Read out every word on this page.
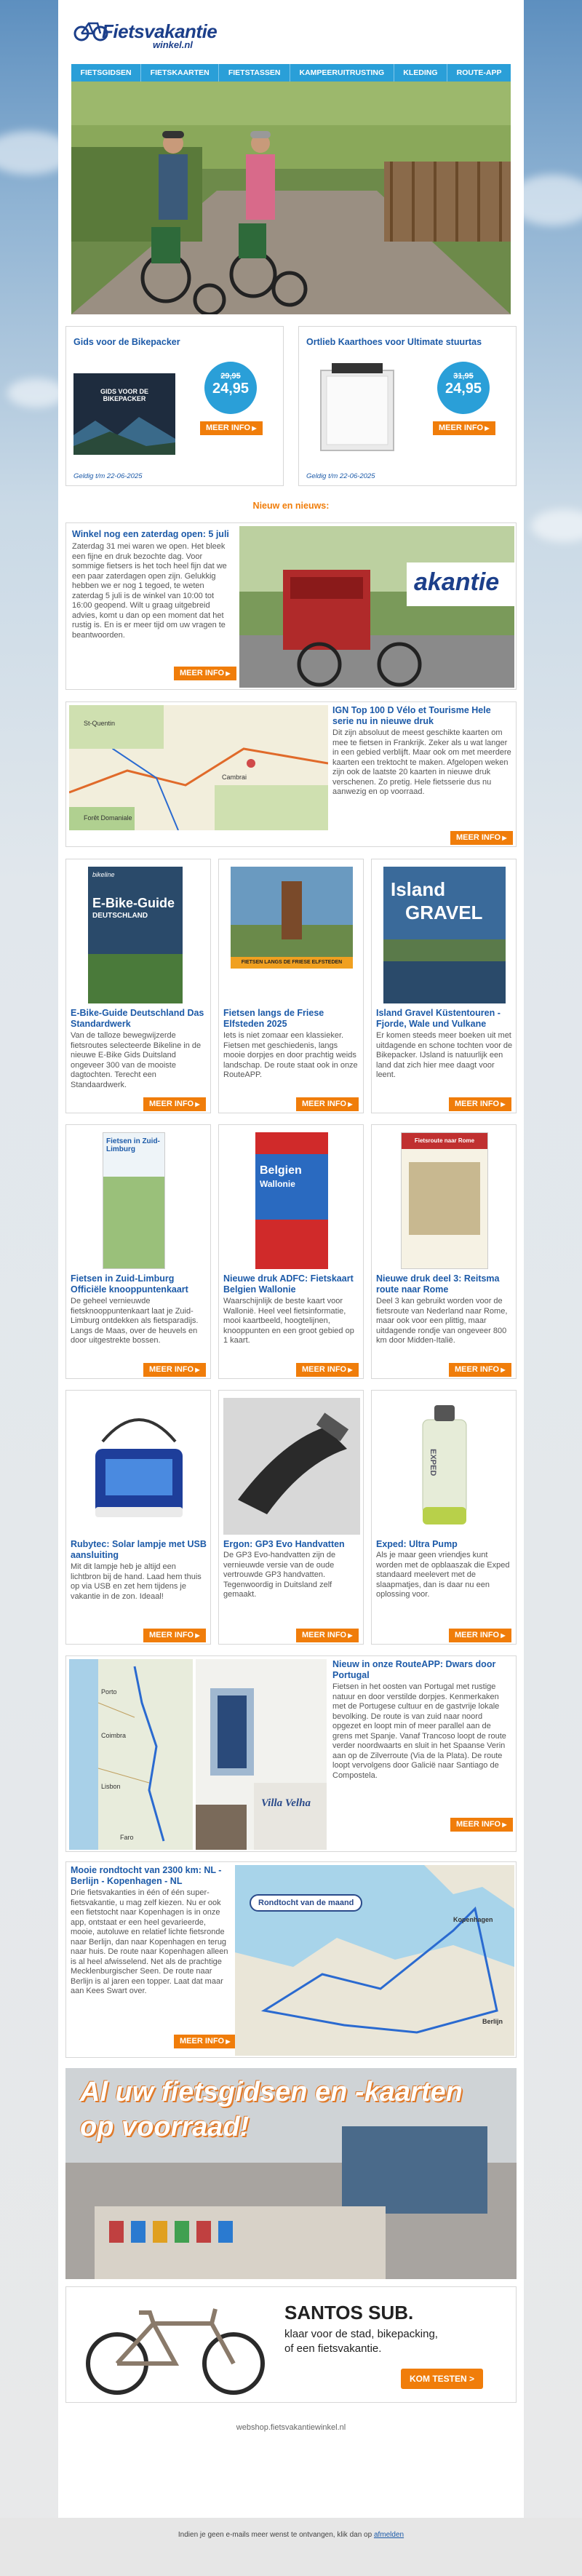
Fietsvakantie
winkel.nl
FIETSGIDSEN	FIETSKAARTEN	FIETSTASSEN	KAMPEERUITRUSTING	KLEDING	ROUTE-APP
Gids voor de Bikepacker
GIDS VOOR DE BIKEPACKER
29,95
24,95
MEER INFO ▶
Geldig t/m 22-06-2025
Ortlieb Kaarthoes voor Ultimate stuurtas
31,95
24,95
MEER INFO ▶
Geldig t/m 22-06-2025
Nieuw en nieuws:
Winkel nog een zaterdag open: 5 juli
Zaterdag 31 mei waren we open. Het bleek een fijne en druk bezochte dag. Voor sommige fietsers is het toch heel fijn dat we een paar zaterdagen open zijn. Gelukkig hebben we er nog 1 tegoed, te weten zaterdag 5 juli is de winkel van 10:00 tot 16:00 geopend. Wilt u graag uitgebreid advies, komt u dan op een moment dat het rustig is. En is er meer tijd om uw vragen te beantwoorden.
MEER INFO ▶
akantie
Cambrai
St-Quentin
Forêt Domaniale
IGN Top 100 D Vélo et Tourisme Hele serie nu in nieuwe druk
Dit zijn absoluut de meest geschikte kaarten om mee te fietsen in Frankrijk. Zeker als u wat langer in een gebied verblijft. Maar ook om met meerdere kaarten een trektocht te maken. Afgelopen weken zijn ook de laatste 20 kaarten in nieuwe druk verschenen. Zo pretig. Hele fietsserie dus nu aanwezig en op voorraad.
MEER INFO ▶
bikeline
E-Bike-Guide
DEUTSCHLAND
E-Bike-Guide Deutschland Das Standardwerk
Van de talloze bewegwijzerde fietsroutes selecteerde Bikeline in de nieuwe E-Bike Gids Duitsland ongeveer 300 van de mooiste dagtochten. Terecht een Standaardwerk.
MEER INFO ▶
FIETSEN LANGS DE FRIESE ELFSTEDEN
Fietsen langs de Friese Elfsteden 2025
Iets is niet zomaar een klassieker. Fietsen met geschiedenis, langs mooie dorpjes en door prachtig weids landschap. De route staat ook in onze RouteAPP.
MEER INFO ▶
Island
GRAVEL
Island Gravel Küstentouren - Fjorde, Wale und Vulkane
Er komen steeds meer boeken uit met uitdagende en schone tochten voor de Bikepacker. IJsland is natuurlijk een land dat zich hier mee daagt voor leent.
MEER INFO ▶
Fietsen in Zuid-Limburg
Fietsen in Zuid-Limburg Officiële knooppuntenkaart
De geheel vernieuwde fietsknooppuntenkaart laat je Zuid-Limburg ontdekken als fietsparadijs. Langs de Maas, over de heuvels en door uitgestrekte bossen.
MEER INFO ▶
Belgien
Wallonie
Nieuwe druk ADFC: Fietskaart Belgien Wallonie
Waarschijnlijk de beste kaart voor Wallonië. Heel veel fietsinformatie, mooi kaartbeeld, hoogtelijnen, knooppunten en een groot gebied op 1 kaart.
MEER INFO ▶
Fietsroute naar Rome
Nieuwe druk deel 3: Reitsma route naar Rome
Deel 3 kan gebruikt worden voor de fietsroute van Nederland naar Rome, maar ook voor een plittig, maar uitdagende rondje van ongeveer 800 km door Midden-Italië.
MEER INFO ▶
Rubytec: Solar lampje met USB aansluiting
Mit dit lampje heb je altijd een lichtbron bij de hand. Laad hem thuis op via USB en zet hem tijdens je vakantie in de zon. Ideaal!
MEER INFO ▶
Ergon: GP3 Evo Handvatten
De GP3 Evo-handvatten zijn de vernieuwde versie van de oude vertrouwde GP3 handvatten. Tegenwoordig in Duitsland zelf gemaakt.
MEER INFO ▶
EXPED
Exped: Ultra Pump
Als je maar geen vriendjes kunt worden met de opblaaszak die Exped standaard meelevert met de slaapmatjes, dan is daar nu een oplossing voor.
MEER INFO ▶
Porto
Coimbra
Lisbon
Faro
Villa Velha
Nieuw in onze RouteAPP: Dwars door Portugal
Fietsen in het oosten van Portugal met rustige natuur en door verstilde dorpjes. Kenmerkaken met de Portugese cultuur en de gastvrije lokale bevolking. De route is van zuid naar noord opgezet en loopt min of meer parallel aan de grens met Spanje. Vanaf Trancoso loopt de route verder noordwaarts en sluit in het Spaanse Verin aan op de Zilverroute (Via de la Plata). De route loopt vervolgens door Galicië naar Santiago de Compostela.
MEER INFO ▶
Mooie rondtocht van 2300 km: NL - Berlijn - Kopenhagen - NL
Drie fietsvakanties in één of één super-fietsvakantie, u mag zelf kiezen. Nu er ook een fietstocht naar Kopenhagen is in onze app, ontstaat er een heel gevarieerde, mooie, autoluwe en relatief lichte fietsronde naar Berlijn, dan naar Kopenhagen en terug naar huis. De route naar Kopenhagen alleen is al heel afwisselend. Net als de prachtige Mecklenburgischer Seen. De route naar Berlijn is al jaren een topper. Laat dat maar aan Kees Swart over.
MEER INFO ▶
Rondtocht van de maand
Kopenhagen
Berlijn
Al uw fietsgidsen en -kaarten
op voorraad!
SANTOS SUB.
klaar voor de stad, bikepacking,
of een fietsvakantie.
KOM TESTEN >
webshop.fietsvakantiewinkel.nl
Indien je geen e-mails meer wenst te ontvangen, klik dan op afmelden
